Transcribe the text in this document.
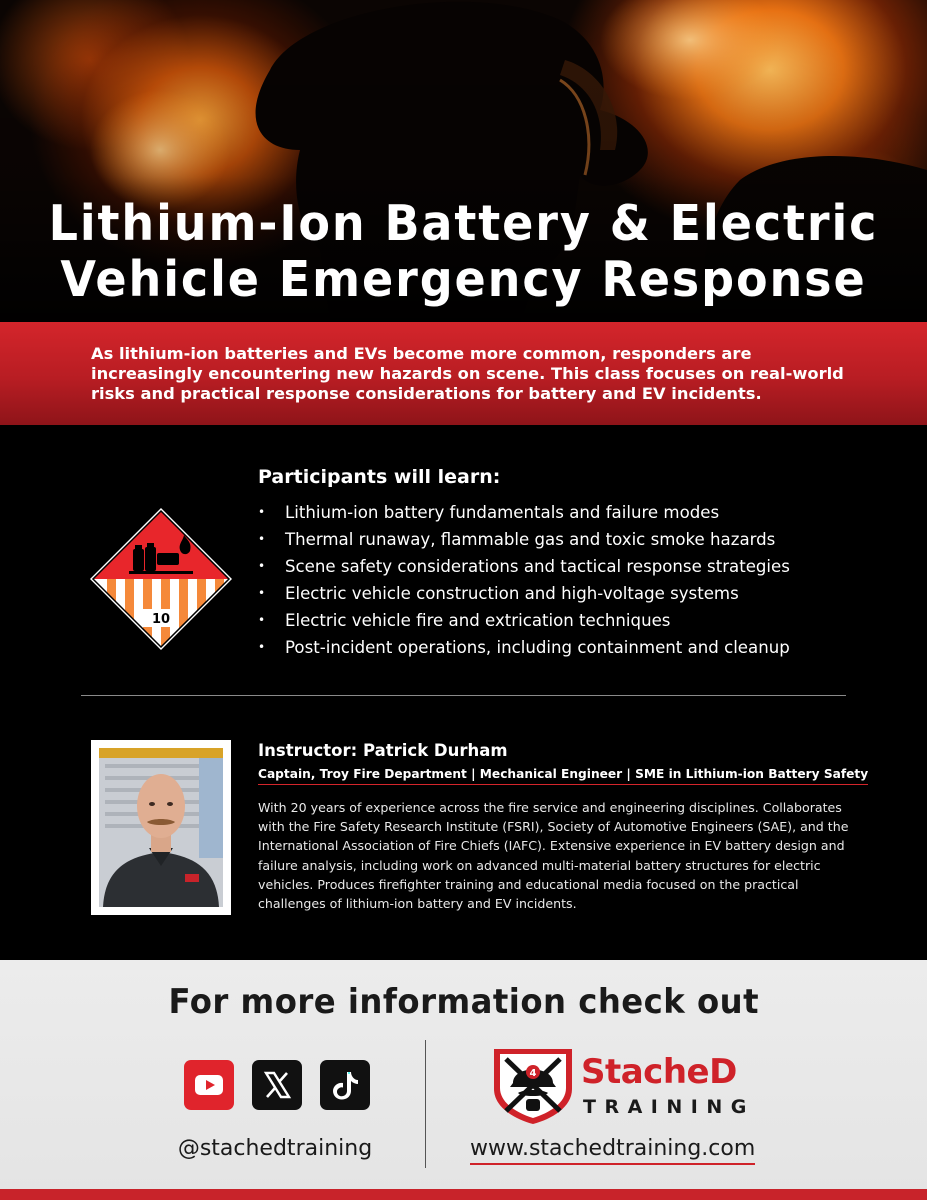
Lithium-Ion Battery & Electric
Vehicle Emergency Response

As lithium-ion batteries and EVs become more common, responders are increasingly encountering new hazards on scene. This class focuses on real-world risks and practical response considerations for battery and EV incidents.

10

Participants will learn:

• Lithium-ion battery fundamentals and failure modes
• Thermal runaway, flammable gas and toxic smoke hazards
• Scene safety considerations and tactical response strategies
• Electric vehicle construction and high-voltage systems
• Electric vehicle fire and extrication techniques
• Post-incident operations, including containment and cleanup

Instructor: Patrick Durham

Captain, Troy Fire Department | Mechanical Engineer | SME in Lithium-ion Battery Safety

With 20 years of experience across the fire service and engineering disciplines. Collaborates with the Fire Safety Research Institute (FSRI), Society of Automotive Engineers (SAE), and the International Association of Fire Chiefs (IAFC). Extensive experience in EV battery design and failure analysis, including work on advanced multi-material battery structures for electric vehicles. Produces firefighter training and educational media focused on the practical challenges of lithium-ion battery and EV incidents.

For more information check out

@stachedtraining

4 StacheD

TRAINING

www.stachedtraining.com
